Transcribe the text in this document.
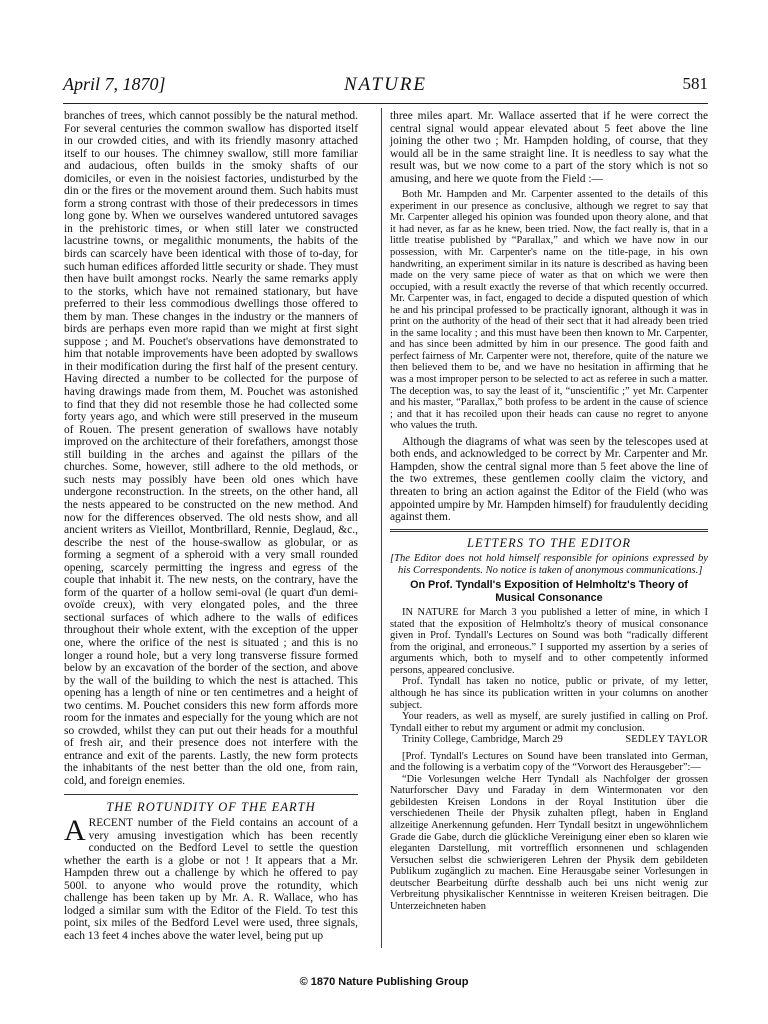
April 7, 1870]	NATURE	581

branches of trees, which cannot possibly be the natural method. For several centuries the common swallow has disported itself in our crowded cities, and with its friendly masonry attached itself to our houses. The chimney swallow, still more familiar and audacious, often builds in the smoky shafts of our domiciles, or even in the noisiest factories, undisturbed by the din or the fires or the movement around them. Such habits must form a strong contrast with those of their predecessors in times long gone by. When we ourselves wandered untutored savages in the prehistoric times, or when still later we constructed lacustrine towns, or megalithic monuments, the habits of the birds can scarcely have been identical with those of to-day, for such human edifices afforded little security or shade. They must then have built amongst rocks. Nearly the same remarks apply to the storks, which have not remained stationary, but have preferred to their less commodious dwellings those offered to them by man. These changes in the industry or the manners of birds are perhaps even more rapid than we might at first sight suppose ; and M. Pouchet's observations have demonstrated to him that notable improvements have been adopted by swallows in their modification during the first half of the present century. Having directed a number to be collected for the purpose of having drawings made from them, M. Pouchet was astonished to find that they did not resemble those he had collected some forty years ago, and which were still preserved in the museum of Rouen. The present generation of swallows have notably improved on the architecture of their forefathers, amongst those still building in the arches and against the pillars of the churches. Some, however, still adhere to the old methods, or such nests may possibly have been old ones which have undergone reconstruction. In the streets, on the other hand, all the nests appeared to be constructed on the new method. And now for the differences observed. The old nests show, and all ancient writers as Vieillot, Montbrillard, Rennie, Deglaud, &c., describe the nest of the house-swallow as globular, or as forming a segment of a spheroid with a very small rounded opening, scarcely permitting the ingress and egress of the couple that inhabit it. The new nests, on the contrary, have the form of the quarter of a hollow semi-oval (le quart d'un demi-ovoïde creux), with very elongated poles, and the three sectional surfaces of which adhere to the walls of edifices throughout their whole extent, with the exception of the upper one, where the orifice of the nest is situated ; and this is no longer a round hole, but a very long transverse fissure formed below by an excavation of the border of the section, and above by the wall of the building to which the nest is attached. This opening has a length of nine or ten centimetres and a height of two centims. M. Pouchet considers this new form affords more room for the inmates and especially for the young which are not so crowded, whilst they can put out their heads for a mouthful of fresh air, and their presence does not interfere with the entrance and exit of the parents. Lastly, the new form protects the inhabitants of the nest better than the old one, from rain, cold, and foreign enemies.

THE ROTUNDITY OF THE EARTH

ARECENT number of the Field contains an account of a very amusing investigation which has been recently conducted on the Bedford Level to settle the question whether the earth is a globe or not ! It appears that a Mr. Hampden threw out a challenge by which he offered to pay 500l. to anyone who would prove the rotundity, which challenge has been taken up by Mr. A. R. Wallace, who has lodged a similar sum with the Editor of the Field. To test this point, six miles of the Bedford Level were used, three signals, each 13 feet 4 inches above the water level, being put up

three miles apart. Mr. Wallace asserted that if he were correct the central signal would appear elevated about 5 feet above the line joining the other two ; Mr. Hampden holding, of course, that they would all be in the same straight line. It is needless to say what the result was, but we now come to a part of the story which is not so amusing, and here we quote from the Field :—

Both Mr. Hampden and Mr. Carpenter assented to the details of this experiment in our presence as conclusive, although we regret to say that Mr. Carpenter alleged his opinion was founded upon theory alone, and that it had never, as far as he knew, been tried. Now, the fact really is, that in a little treatise published by “Parallax,” and which we have now in our possession, with Mr. Carpenter's name on the title-page, in his own handwriting, an experiment similar in its nature is described as having been made on the very same piece of water as that on which we were then occupied, with a result exactly the reverse of that which recently occurred. Mr. Carpenter was, in fact, engaged to decide a disputed question of which he and his principal professed to be practically ignorant, although it was in print on the authority of the head of their sect that it had already been tried in the same locality ; and this must have been then known to Mr. Carpenter, and has since been admitted by him in our presence. The good faith and perfect fairness of Mr. Carpenter were not, therefore, quite of the nature we then believed them to be, and we have no hesitation in affirming that he was a most improper person to be selected to act as referee in such a matter. The deception was, to say the least of it, “unscientific ;” yet Mr. Carpenter and his master, “Parallax,” both profess to be ardent in the cause of science ; and that it has recoiled upon their heads can cause no regret to anyone who values the truth.

Although the diagrams of what was seen by the telescopes used at both ends, and acknowledged to be correct by Mr. Carpenter and Mr. Hampden, show the central signal more than 5 feet above the line of the two extremes, these gentlemen coolly claim the victory, and threaten to bring an action against the Editor of the Field (who was appointed umpire by Mr. Hampden himself) for fraudulently deciding against them.

LETTERS TO THE EDITOR

[The Editor does not hold himself responsible for opinions expressed by his Correspondents. No notice is taken of anonymous communications.]

On Prof. Tyndall's Exposition of Helmholtz's Theory of Musical Consonance

IN NATURE for March 3 you published a letter of mine, in which I stated that the exposition of Helmholtz's theory of musical consonance given in Prof. Tyndall's Lectures on Sound was both “radically different from the original, and erroneous.” I supported my assertion by a series of arguments which, both to myself and to other competently informed persons, appeared conclusive.

Prof. Tyndall has taken no notice, public or private, of my letter, although he has since its publication written in your columns on another subject.

Your readers, as well as myself, are surely justified in calling on Prof. Tyndall either to rebut my argument or admit my conclusion.

Trinity College, Cambridge, March 29	SEDLEY TAYLOR

[Prof. Tyndall's Lectures on Sound have been translated into German, and the following is a verbatim copy of the “Vorwort des Herausgeber”:—

“Die Vorlesungen welche Herr Tyndall als Nachfolger der grossen Naturforscher Davy und Faraday in dem Wintermonaten vor den gebildesten Kreisen Londons in der Royal Institution über die verschiedenen Theile der Physik zuhalten pflegt, haben in England allzeitige Anerkennung gefunden. Herr Tyndall besitzt in ungewöhnlichem Grade die Gabe, durch die glückliche Vereinigung einer eben so klaren wie eleganten Darstellung, mit vortrefflich ersonnenen und schlagenden Versuchen selbst die schwierigeren Lehren der Physik dem gebildeten Publikum zugänglich zu machen. Eine Herausgabe seiner Vorlesungen in deutscher Bearbeitung dürfte desshalb auch bei uns nicht wenig zur Verbreitung physikalischer Kenntnisse in weiteren Kreisen beitragen. Die Unterzeichneten haben

© 1870 Nature Publishing Group
